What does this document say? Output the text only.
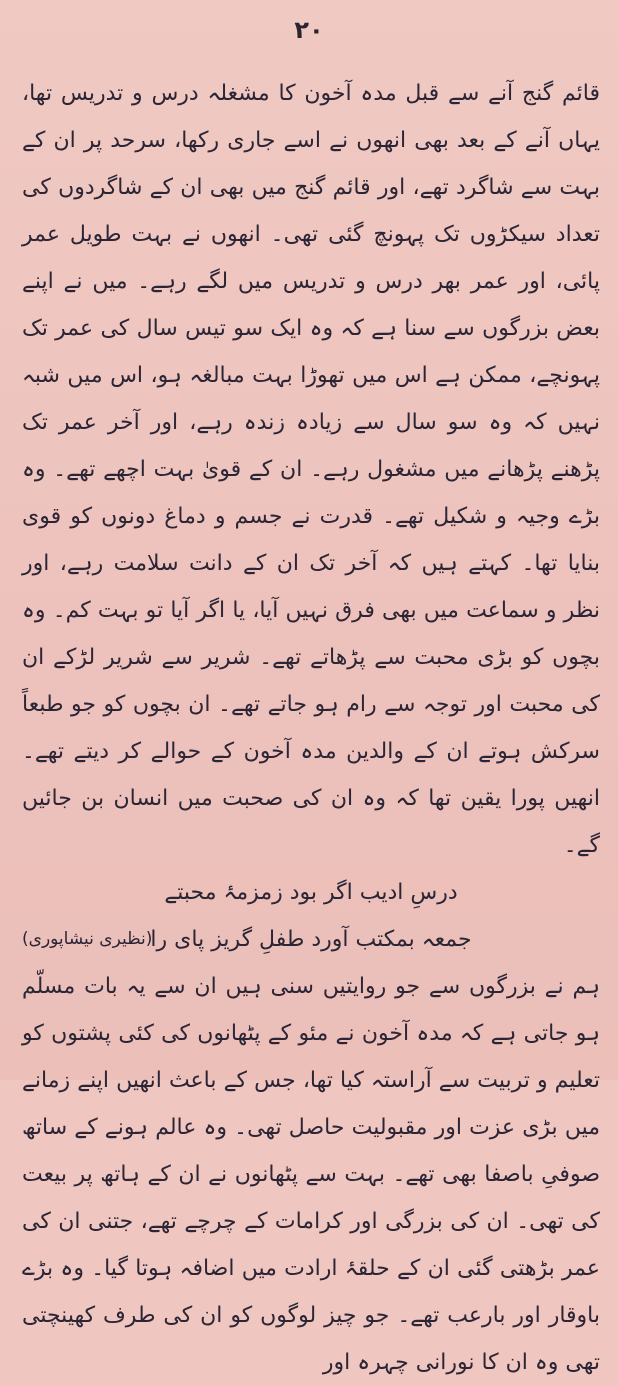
۲۰

قائم گنج آنے سے قبل مدہ آخون کا مشغلہ درس و تدریس تھا، یہاں آنے کے بعد بھی انھوں نے اسے جاری رکھا، سرحد پر ان کے بہت سے شاگرد تھے، اور قائم گنج میں بھی ان کے شاگردوں کی تعداد سیکڑوں تک پہونچ گئی تھی۔ انھوں نے بہت طویل عمر پائی، اور عمر بھر درس و تدریس میں لگے رہے۔ میں نے اپنے بعض بزرگوں سے سنا ہے کہ وہ ایک سو تیس سال کی عمر تک پہونچے، ممکن ہے اس میں تھوڑا بہت مبالغہ ہو، اس میں شبہ نہیں کہ وہ سو سال سے زیادہ زندہ رہے، اور آخر عمر تک پڑھنے پڑھانے میں مشغول رہے۔ ان کے قویٰ بہت اچھے تھے۔ وہ بڑے وجیہ و شکیل تھے۔ قدرت نے جسم و دماغ دونوں کو قوی بنایا تھا۔ کہتے ہیں کہ آخر تک ان کے دانت سلامت رہے، اور نظر و سماعت میں بھی فرق نہیں آیا، یا اگر آیا تو بہت کم۔ وہ بچوں کو بڑی محبت سے پڑھاتے تھے۔ شریر سے شریر لڑکے ان کی محبت اور توجہ سے رام ہو جاتے تھے۔ ان بچوں کو جو طبعاً سرکش ہوتے ان کے والدین مدہ آخون کے حوالے کر دیتے تھے۔ انھیں پورا یقین تھا کہ وہ ان کی صحبت میں انسان بن جائیں گے۔

درسِ ادیب اگر بود زمزمۂ محبتے

جمعہ بمکتب آورد طفلِ گریز پای را
(نظیری نیشاپوری)

ہم نے بزرگوں سے جو روایتیں سنی ہیں ان سے یہ بات مسلّم ہو جاتی ہے کہ مدہ آخون نے مئو کے پٹھانوں کی کئی پشتوں کو تعلیم و تربیت سے آراستہ کیا تھا، جس کے باعث انھیں اپنے زمانے میں بڑی عزت اور مقبولیت حاصل تھی۔ وہ عالم ہونے کے ساتھ صوفیِ باصفا بھی تھے۔ بہت سے پٹھانوں نے ان کے ہاتھ پر بیعت کی تھی۔ ان کی بزرگی اور کرامات کے چرچے تھے، جتنی ان کی عمر بڑھتی گئی ان کے حلقۂ ارادت میں اضافہ ہوتا گیا۔ وہ بڑے باوقار اور بارعب تھے۔ جو چیز لوگوں کو ان کی طرف کھینچتی تھی وہ ان کا نورانی چہرہ اور
